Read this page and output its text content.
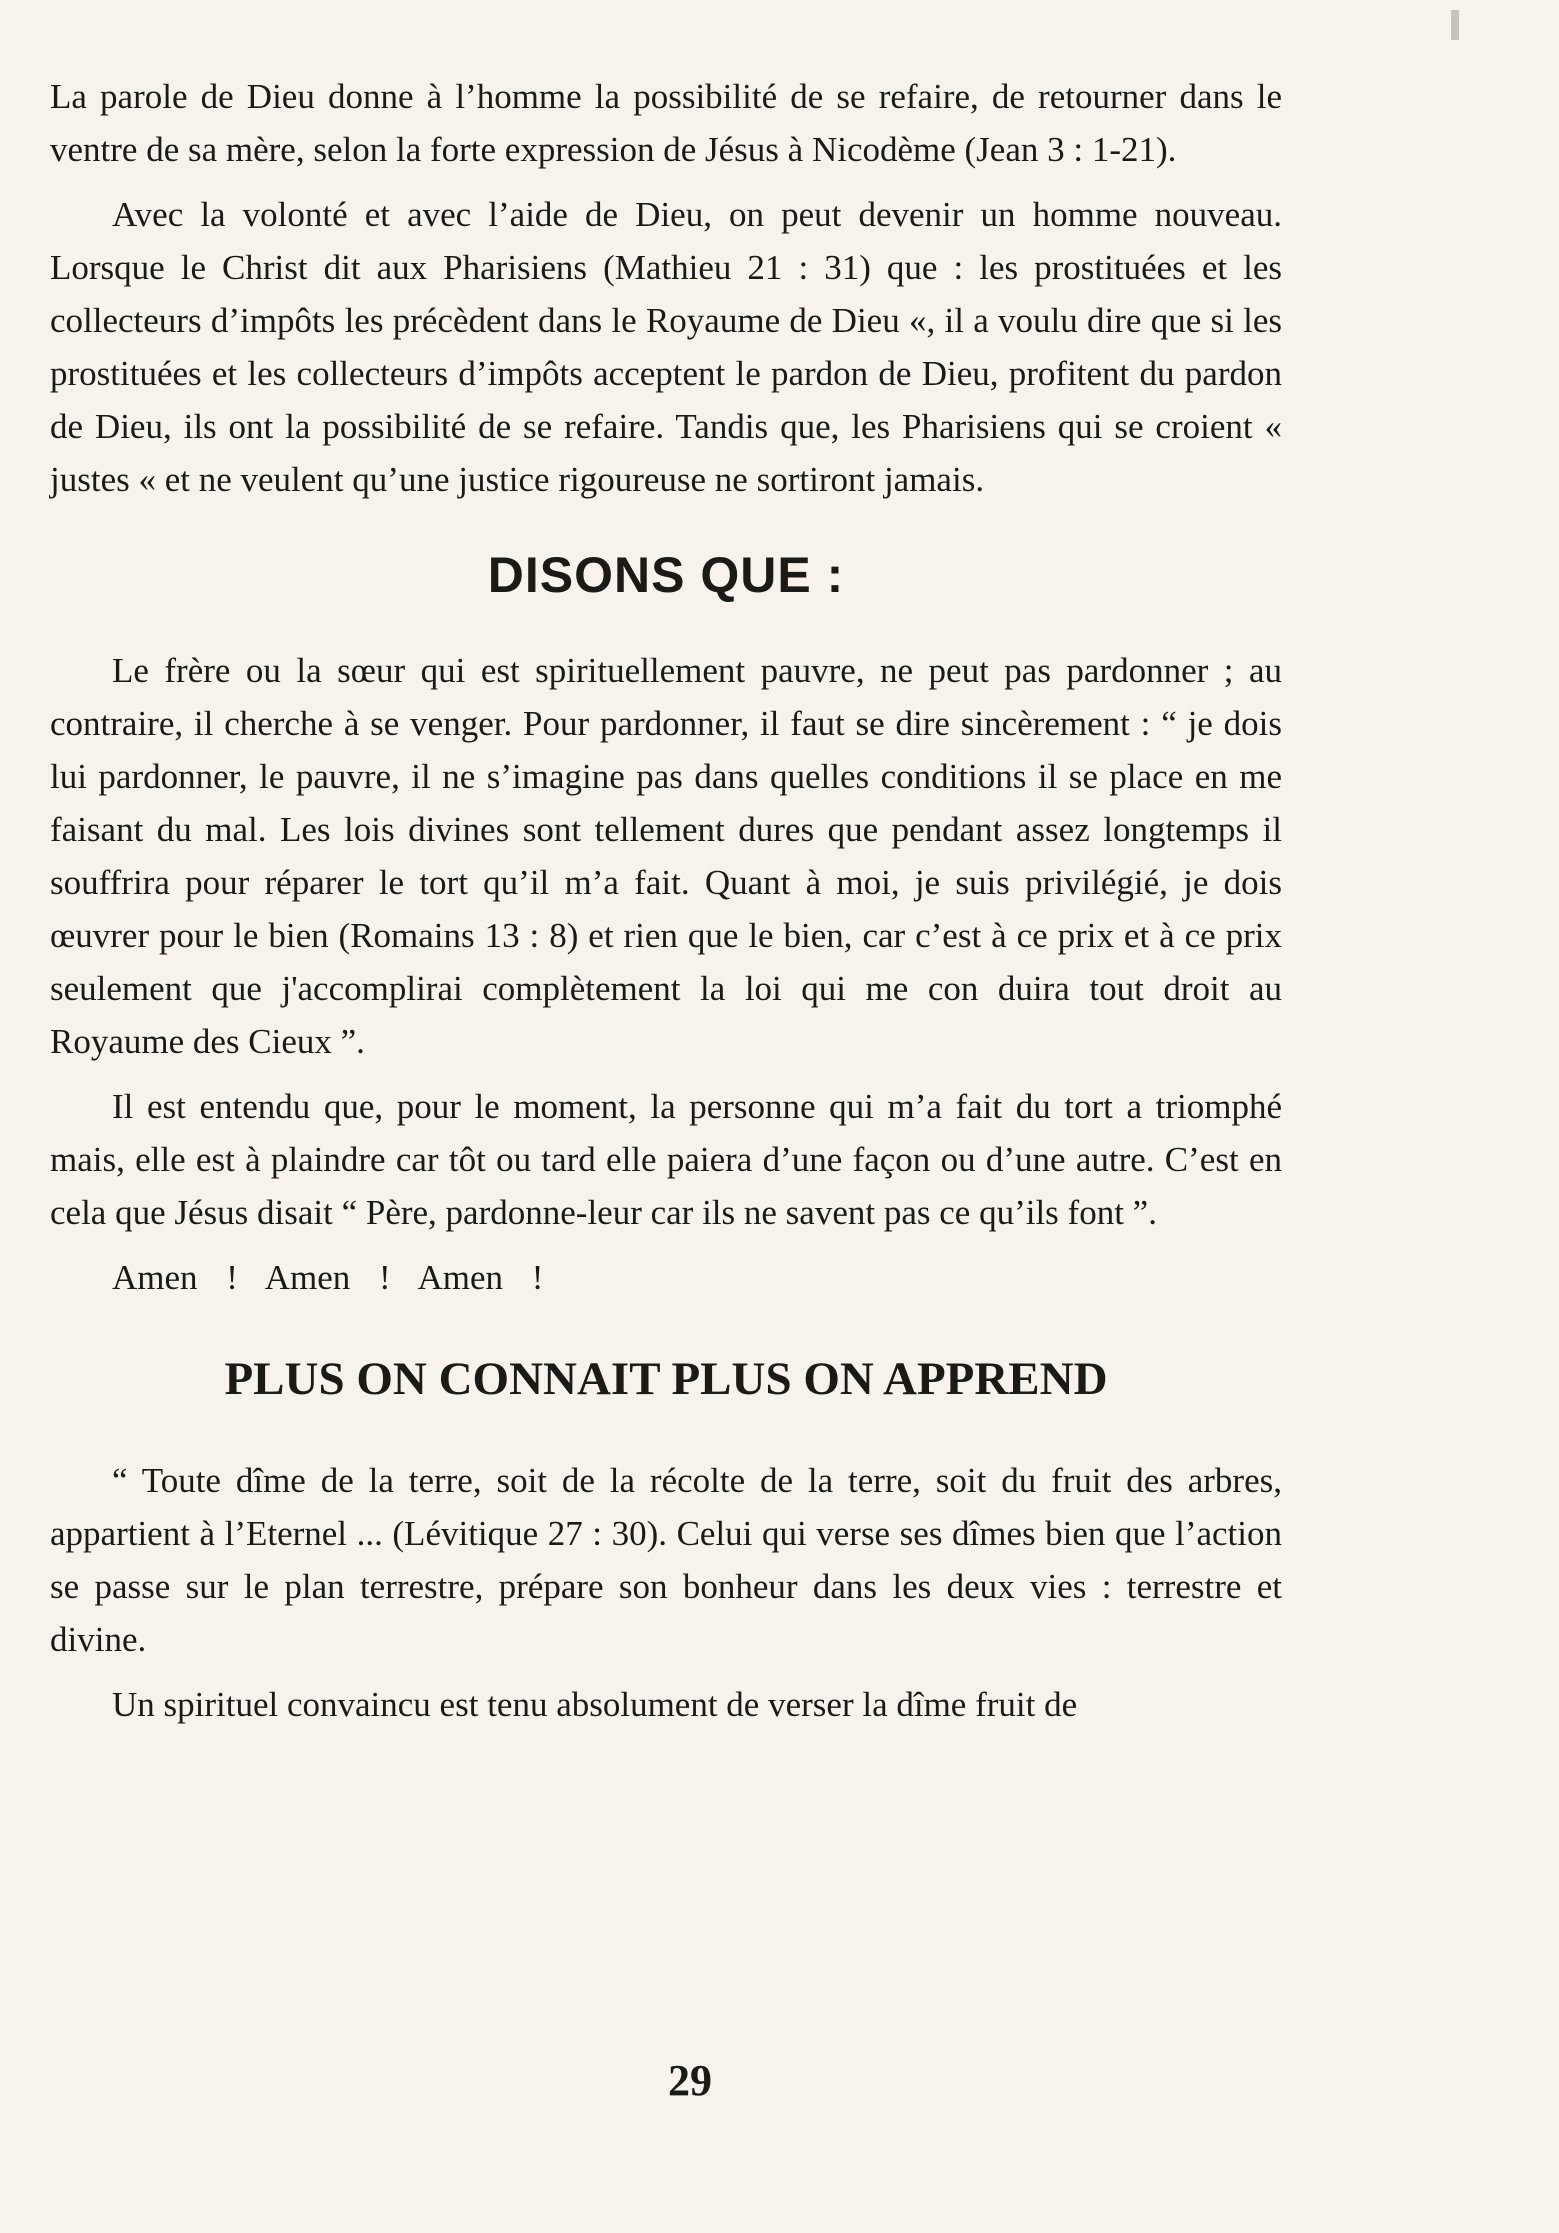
La parole de Dieu donne à l’homme la possibilité de se refaire, de retourner dans le ventre de sa mère, selon la forte expression de Jésus à Nicodème (Jean 3 : 1-21).

Avec la volonté et avec l’aide de Dieu, on peut devenir un homme nouveau. Lorsque le Christ dit aux Pharisiens (Mathieu 21 : 31) que : les prostituées et les collecteurs d’impôts les précèdent dans le Royaume de Dieu «, il a voulu dire que si les prostituées et les collecteurs d’impôts acceptent le pardon de Dieu, profitent du pardon de Dieu, ils ont la possibilité de se refaire. Tandis que, les Pharisiens qui se croient « justes « et ne veulent qu’une justice rigoureuse ne sortiront jamais.

DISONS QUE :

Le frère ou la sœur qui est spirituellement pauvre, ne peut pas pardonner ; au contraire, il cherche à se venger. Pour pardonner, il faut se dire sincèrement : “ je dois lui pardonner, le pauvre, il ne s’imagine pas dans quelles conditions il se place en me faisant du mal. Les lois divines sont tellement dures que pendant assez longtemps il souffrira pour réparer le tort qu’il m’a fait. Quant à moi, je suis privilégié, je dois œuvrer pour le bien (Romains 13 : 8) et rien que le bien, car c’est à ce prix et à ce prix seulement que j'accomplirai complètement la loi qui me con duira tout droit au Royaume des Cieux ”.

Il est entendu que, pour le moment, la personne qui m’a fait du tort a triomphé mais, elle est à plaindre car tôt ou tard elle paiera d’une façon ou d’une autre. C’est en cela que Jésus disait “ Père, pardonne-leur car ils ne savent pas ce qu’ils font ”.

Amen ! Amen ! Amen !

PLUS ON CONNAIT PLUS ON APPREND

“ Toute dîme de la terre, soit de la récolte de la terre, soit du fruit des arbres, appartient à l’Eternel ... (Lévitique 27 : 30). Celui qui verse ses dîmes bien que l’action se passe sur le plan terrestre, prépare son bonheur dans les deux vies : terrestre et divine.

Un spirituel convaincu est tenu absolument de verser la dîme fruit de

29
